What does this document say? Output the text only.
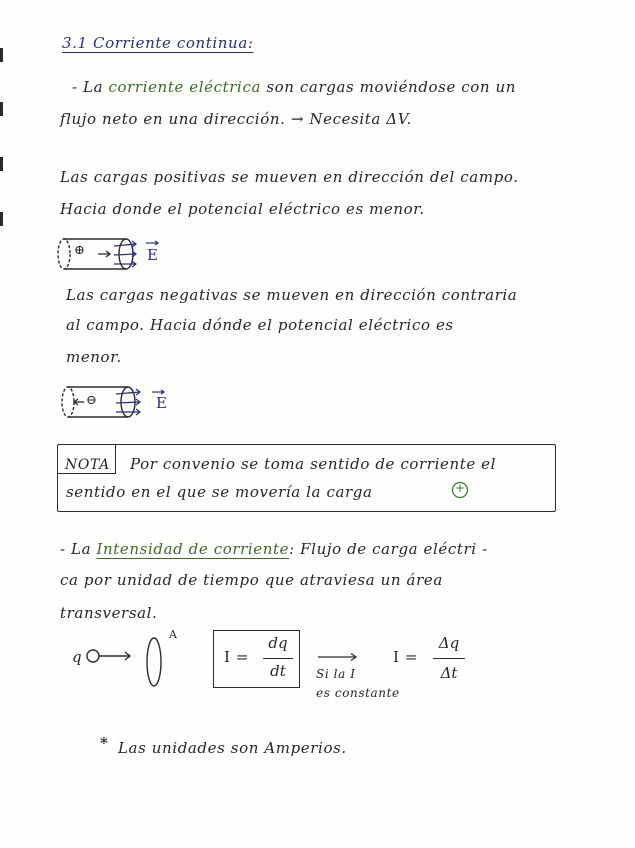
3.1 Corriente continua:
- La corriente eléctrica son cargas moviéndose con un
flujo neto en una dirección. → Necesita ΔV.
Las cargas positivas se mueven en dirección del campo.
Hacia donde el potencial eléctrico es menor.
⊕	E
Las cargas negativas se mueven en dirección contraria
al campo. Hacia dónde el potencial eléctrico es
menor.
⊖	E
NOTA Por convenio se toma sentido de corriente el
sentido en el que se movería la carga	+
- La Intensidad de corriente: Flujo de carga eléctri -
ca por unidad de tiempo que atraviesa un área
transversal.
q
A
I =
dq
dt	Si la I
es constante
I =
Δq
Δt
* Las unidades son Amperios.
